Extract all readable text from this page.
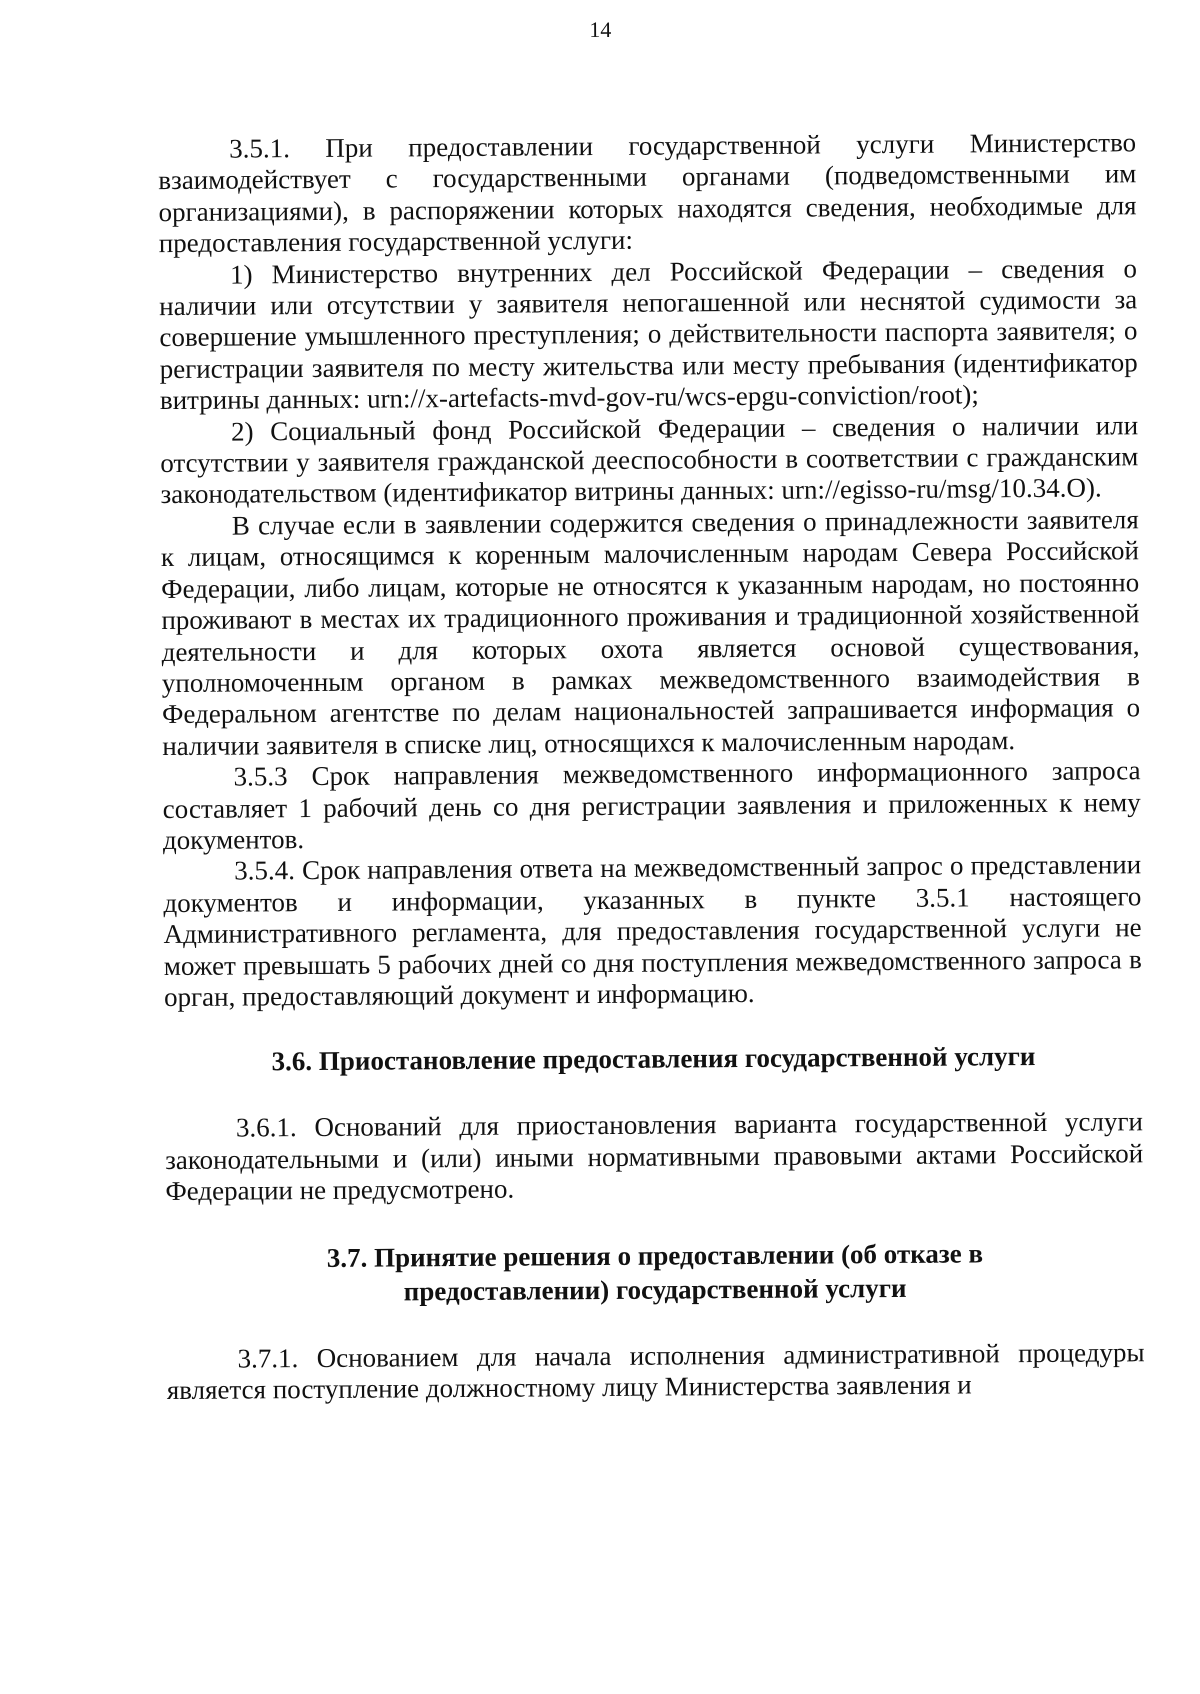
14

3.5.1. При предоставлении государственной услуги Министерство взаимодействует с государственными органами (подведомственными им организациями), в распоряжении которых находятся сведения, необходимые для предоставления государственной услуги:

1) Министерство внутренних дел Российской Федерации – сведения о наличии или отсутствии у заявителя непогашенной или неснятой судимости за совершение умышленного преступления; о действительности паспорта заявителя; о регистрации заявителя по месту жительства или месту пребывания (идентификатор витрины данных: urn://x-artefacts-mvd-gov-ru/wcs-epgu-conviction/root);

2) Социальный фонд Российской Федерации – сведения о наличии или отсутствии у заявителя гражданской дееспособности в соответствии с гражданским законодательством (идентификатор витрины данных: urn://egisso-ru/msg/10.34.O).

В случае если в заявлении содержится сведения о принадлежности заявителя к лицам, относящимся к коренным малочисленным народам Севера Российской Федерации, либо лицам, которые не относятся к указанным народам, но постоянно проживают в местах их традиционного проживания и традиционной хозяйственной деятельности и для которых охота является основой существования, уполномоченным органом в рамках межведомственного взаимодействия в Федеральном агентстве по делам национальностей запрашивается информация о наличии заявителя в списке лиц, относящихся к малочисленным народам.

3.5.3 Срок направления межведомственного информационного запроса составляет 1 рабочий день со дня регистрации заявления и приложенных к нему документов.

3.5.4. Срок направления ответа на межведомственный запрос о представлении документов и информации, указанных в пункте 3.5.1 настоящего Административного регламента, для предоставления государственной услуги не может превышать 5 рабочих дней со дня поступления межведомственного запроса в орган, предоставляющий документ и информацию.

3.6. Приостановление предоставления государственной услуги

3.6.1. Оснований для приостановления варианта государственной услуги законодательными и (или) иными нормативными правовыми актами Российской Федерации не предусмотрено.

3.7. Принятие решения о предоставлении (об отказе в предоставлении) государственной услуги

3.7.1. Основанием для начала исполнения административной процедуры является поступление должностному лицу Министерства заявления и
